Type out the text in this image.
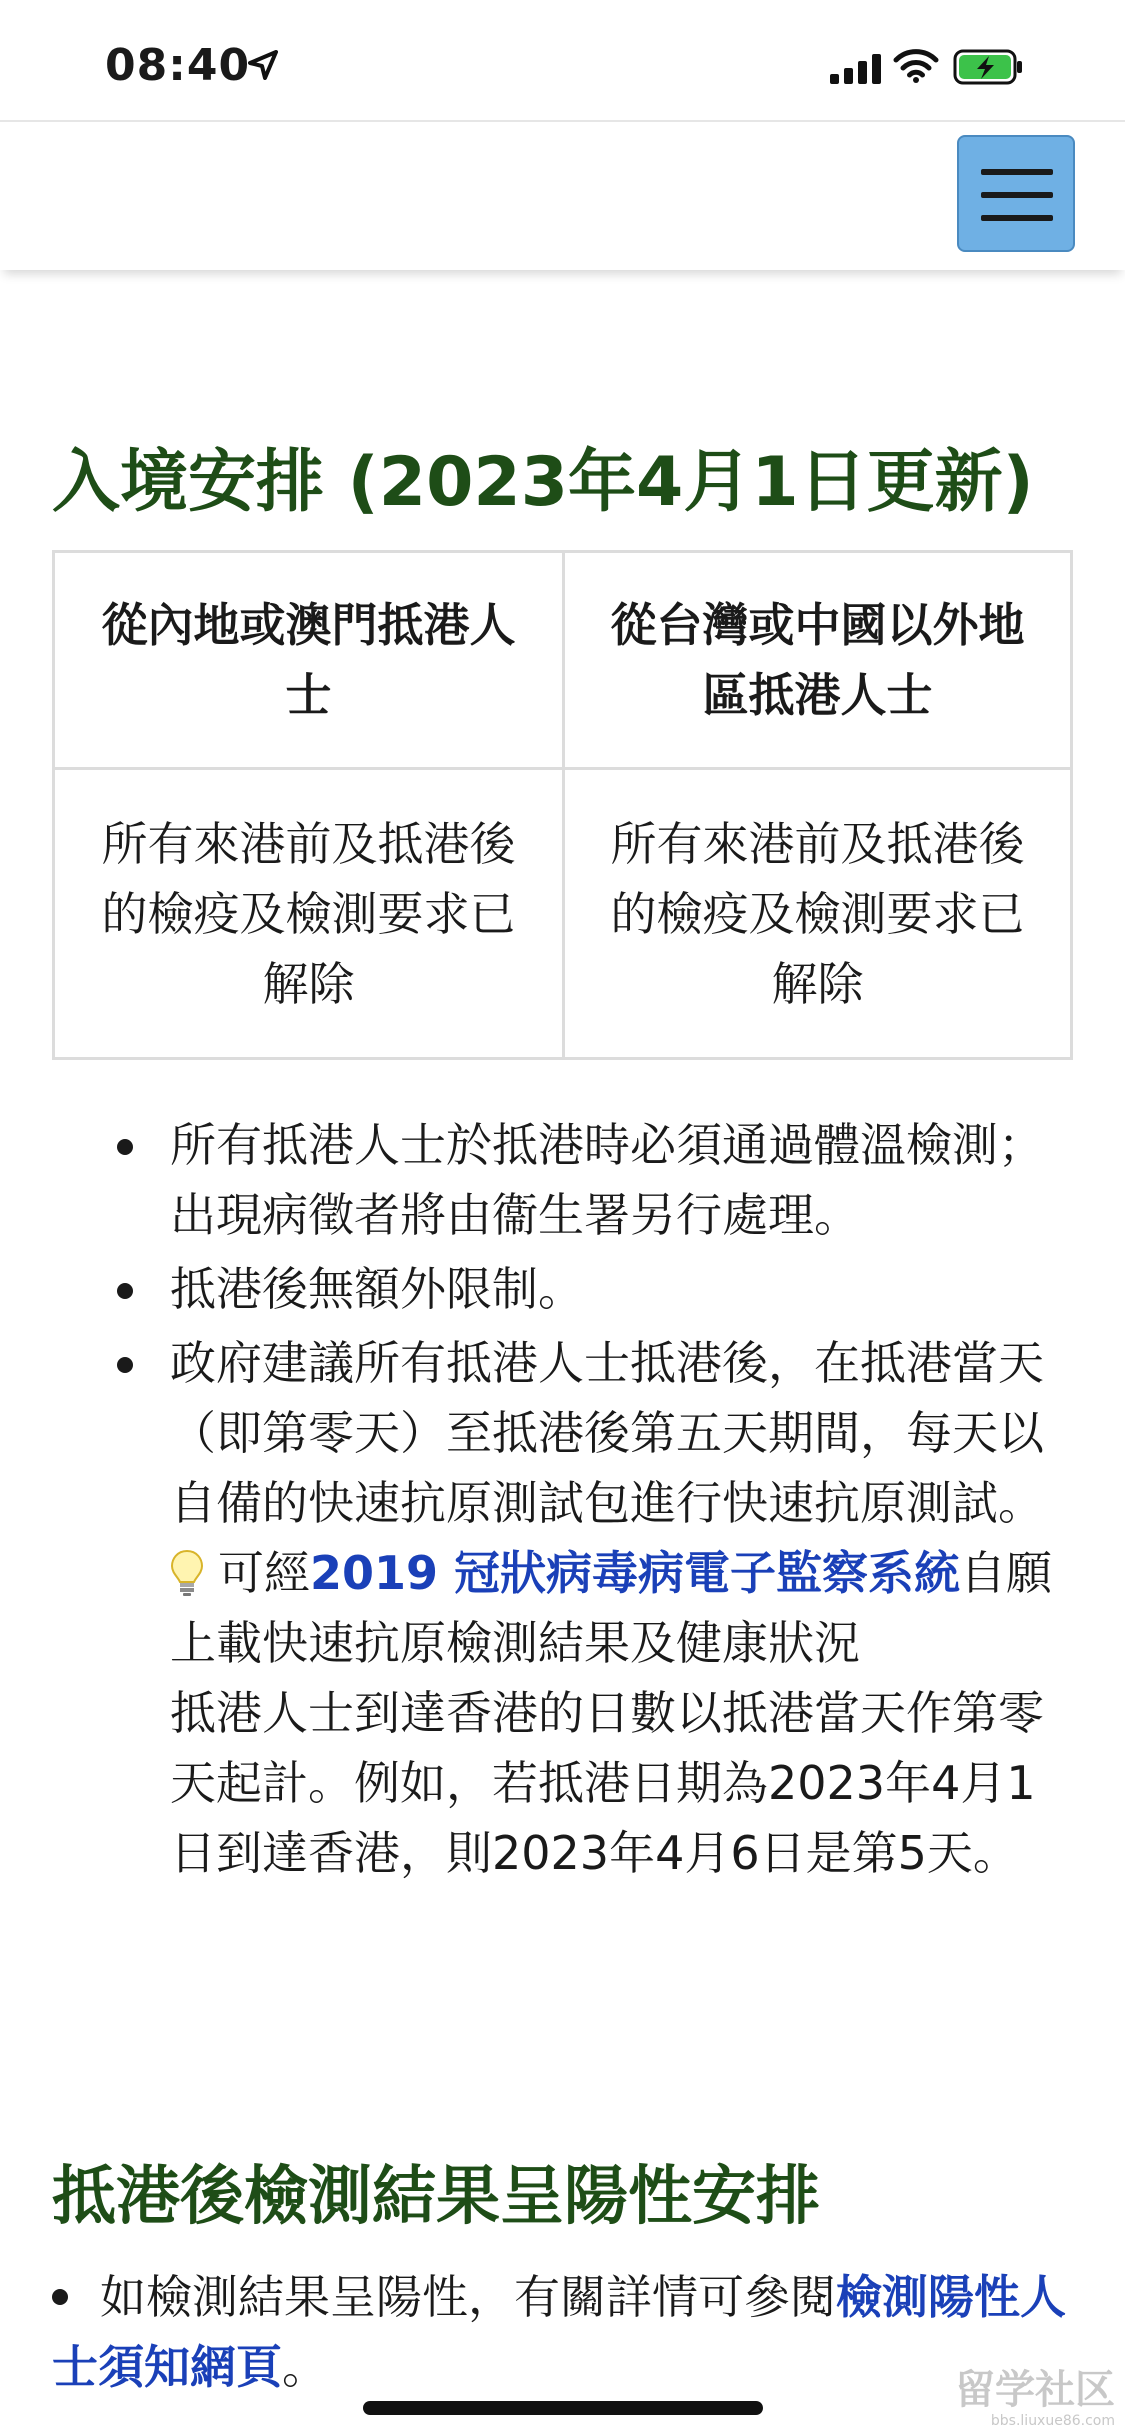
08:40
入境安排 (2023年4月1日更新)
從內地或澳門抵港人士
從台灣或中國以外地區抵港人士
所有來港前及抵港後的檢疫及檢測要求已解除
所有來港前及抵港後的檢疫及檢測要求已解除
所有抵港人士於抵港時必須通過體溫檢測；出現病徵者將由衞生署另行處理。
抵港後無額外限制。
政府建議所有抵港人士抵港後，在抵港當天（即第零天）至抵港後第五天期間，每天以自備的快速抗原測試包進行快速抗原測試。
可經2019 冠狀病毒病電子監察系統自願上載快速抗原檢測結果及健康狀況
抵港人士到達香港的日數以抵港當天作第零天起計。例如，若抵港日期為2023年4月1日到達香港，則2023年4月6日是第5天。
抵港後檢測結果呈陽性安排
如檢測結果呈陽性，有關詳情可參閱檢測陽性人士須知網頁。	留学社区
bbs.liuxue86.com
